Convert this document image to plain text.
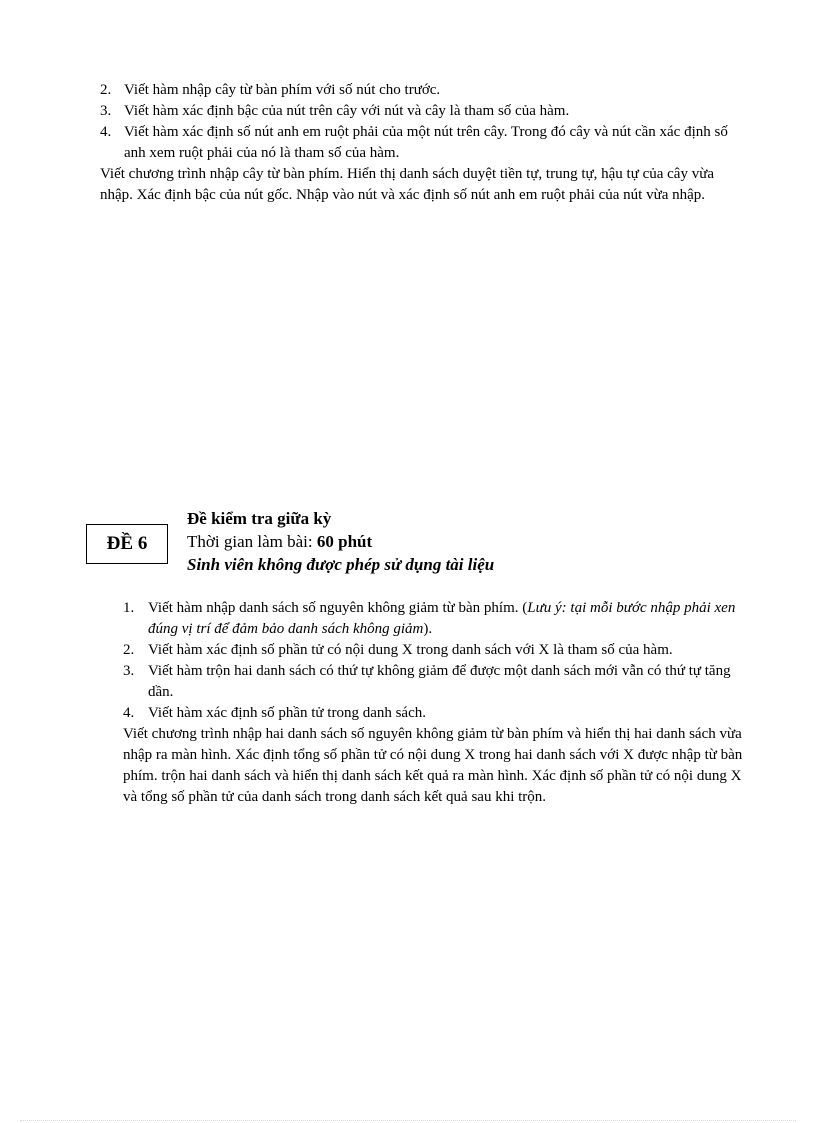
2. Viết hàm nhập cây từ bàn phím với số nút cho trước.
3. Viết hàm xác định bậc của nút trên cây với nút và cây là tham số của hàm.
4. Viết hàm xác định số nút anh em ruột phải của một nút trên cây. Trong đó cây và nút cần xác định số anh xem ruột phải của nó là tham số của hàm.

Viết chương trình nhập cây từ bàn phím. Hiển thị danh sách duyệt tiền tự, trung tự, hậu tự của cây vừa nhập. Xác định bậc của nút gốc. Nhập vào nút và xác định số nút anh em ruột phải của nút vừa nhập.

ĐỀ 6
Đề kiểm tra giữa kỳ
Thời gian làm bài: 60 phút
Sinh viên không được phép sử dụng tài liệu
1. Viết hàm nhập danh sách số nguyên không giảm từ bàn phím. (Lưu ý: tại mỗi bước nhập phải xen đúng vị trí để đảm bảo danh sách không giảm).
2. Viết hàm xác định số phần tử có nội dung X trong danh sách với X là tham số của hàm.
3. Viết hàm trộn hai danh sách có thứ tự không giảm để được một danh sách mới vẫn có thứ tự tăng dần.
4. Viết hàm xác định số phần tử trong danh sách.

Viết chương trình nhập hai danh sách số nguyên không giảm từ bàn phím và hiển thị hai danh sách vừa nhập ra màn hình. Xác định tổng số phần tử có nội dung X trong hai danh sách với X được nhập từ bàn phím. trộn hai danh sách và hiển thị danh sách kết quả ra màn hình. Xác định số phần tử có nội dung X và tổng số phần tử của danh sách trong danh sách kết quả sau khi trộn.
